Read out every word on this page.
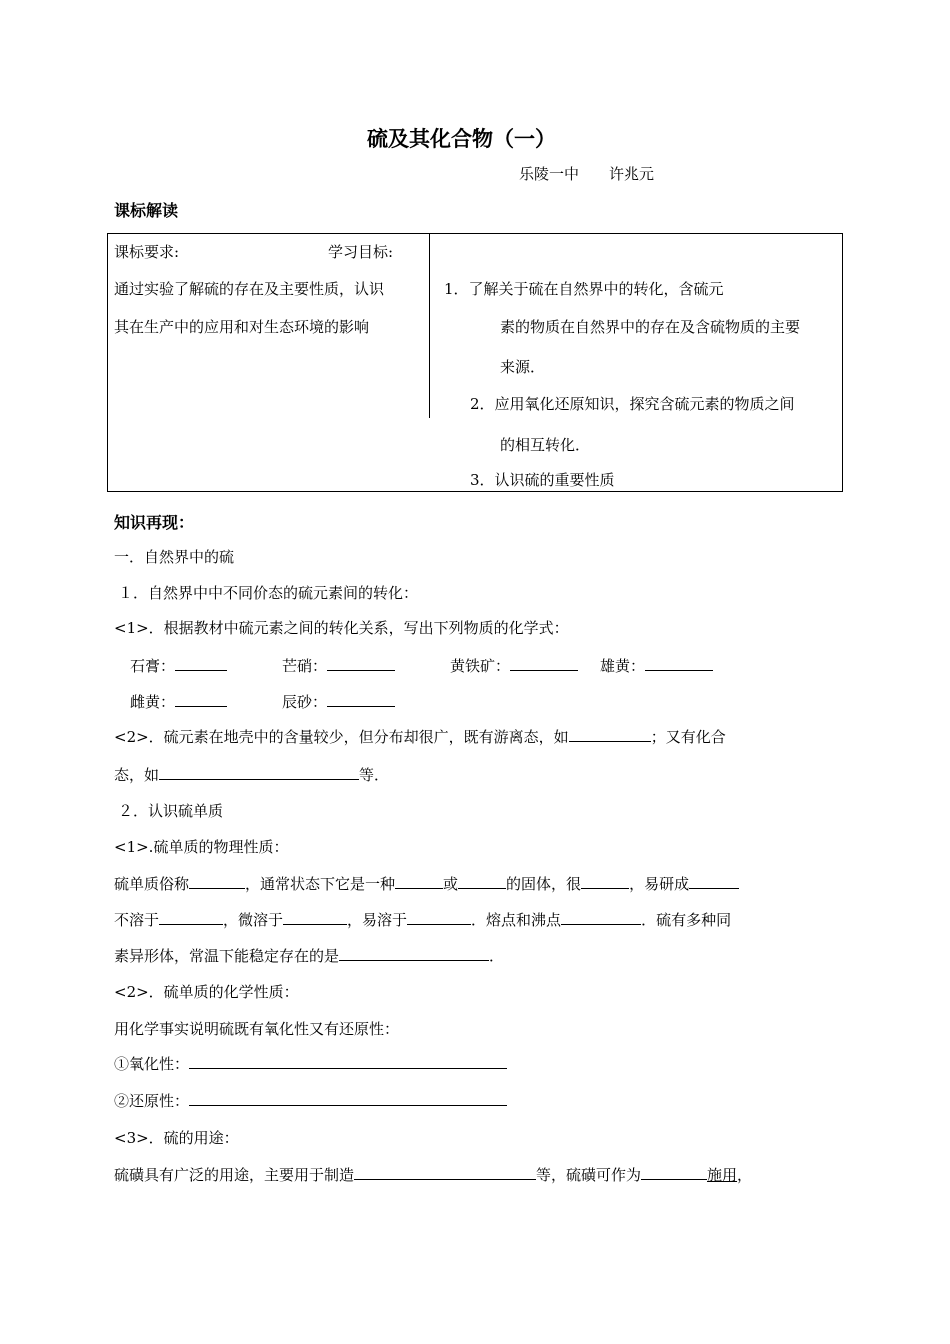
硫及其化合物（一）
乐陵一中　　许兆元
课标解读
课标要求:	学习目标:
通过实验了解硫的存在及主要性质，认识
其在生产中的应用和对生态环境的影响
1．了解关于硫在自然界中的转化，含硫元
素的物质在自然界中的存在及含硫物质的主要
来源．
2．应用氧化还原知识，探究含硫元素的物质之间
的相互转化．
3．认识硫的重要性质
知识再现：
一．自然界中的硫
１．自然界中中不同价态的硫元素间的转化：
<1>．根据教材中硫元素之间的转化关系，写出下列物质的化学式：
石膏：	芒硝：	黄铁矿：	雄黄：
雌黄：	辰砂：
<2>．硫元素在地壳中的含量较少，但分布却很广，既有游离态，如	；又有化合
态，如	等．
２．认识硫单质
<1>.硫单质的物理性质：
硫单质俗称	，通常状态下它是一种	或	的固体，很	，易研成
不溶于	，微溶于	，易溶于	．熔点和沸点	．硫有多种同
素异形体，常温下能稳定存在的是	．
<2>．硫单质的化学性质：
用化学事实说明硫既有氧化性又有还原性：
①氧化性：
②还原性：
<3>．硫的用途：
硫磺具有广泛的用途，主要用于制造	等，硫磺可作为	施用，
